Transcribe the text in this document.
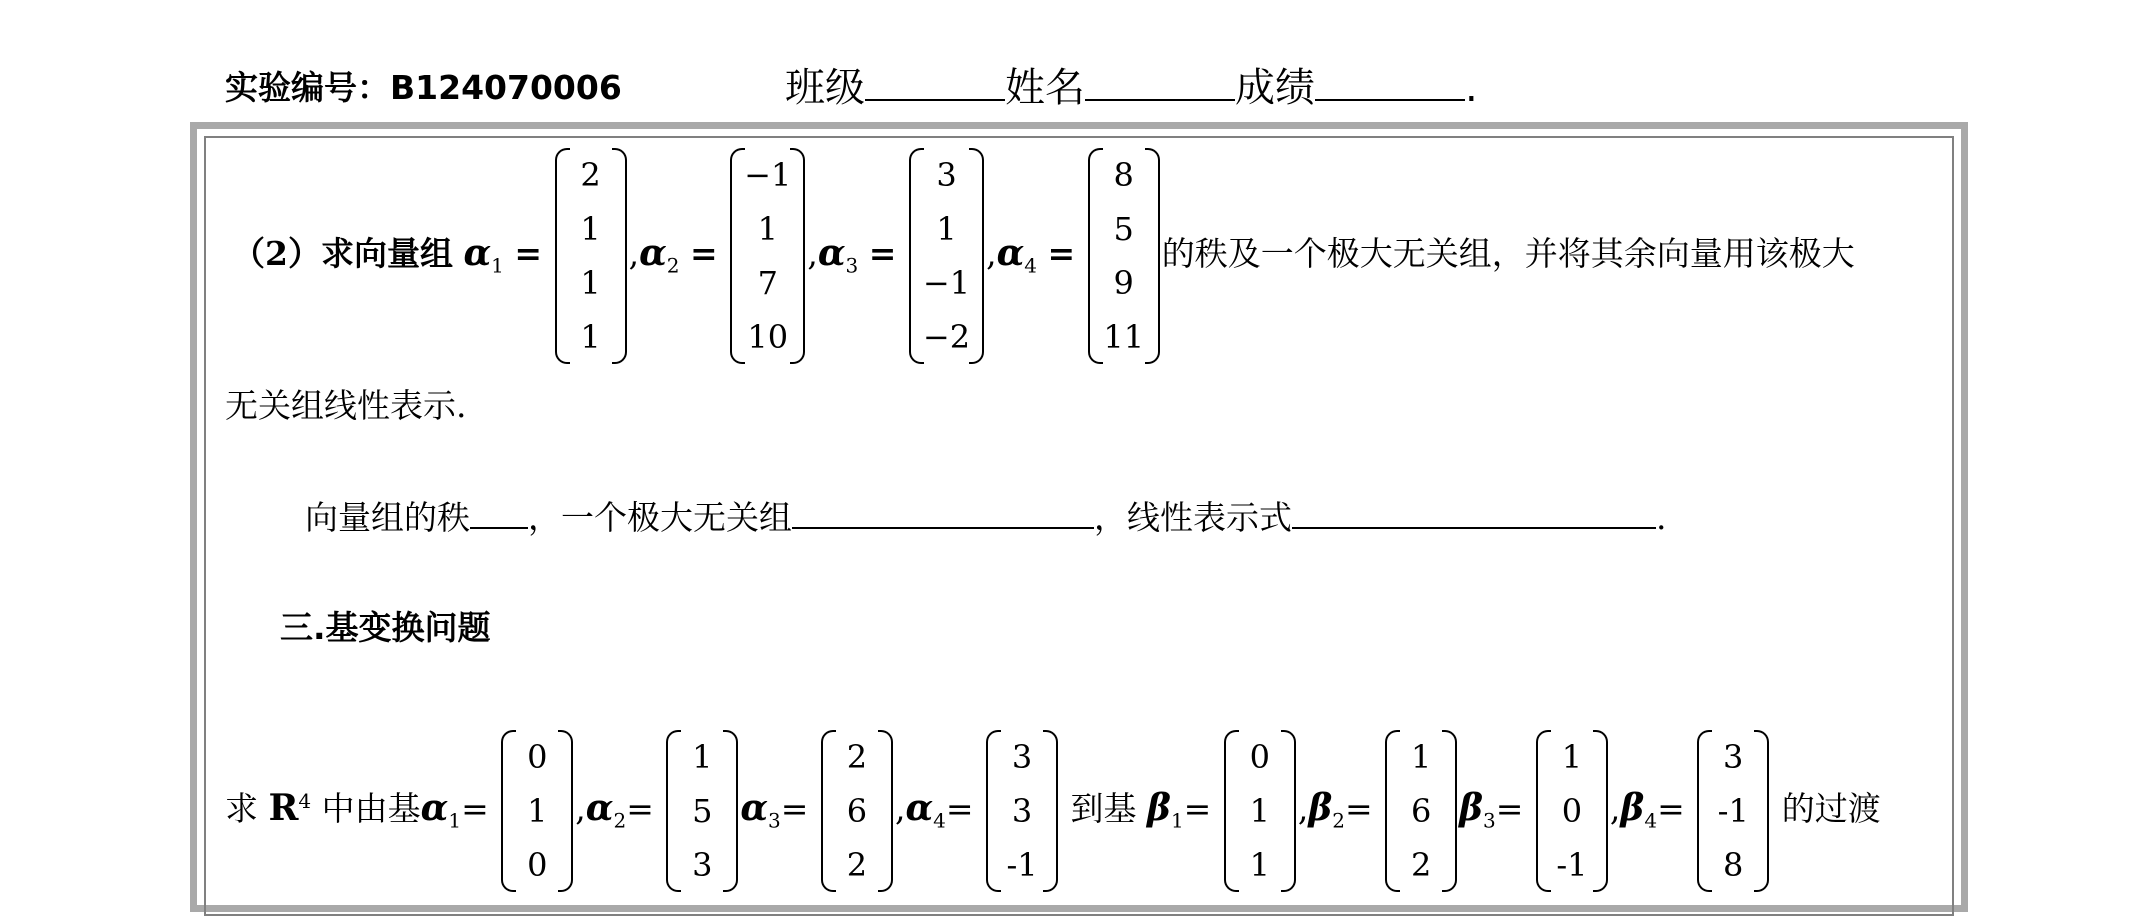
实验编号：B124070006	班级	姓名	成绩	.
（2）求向量组 $\alpha_1$ =
2
1
1
1
$,\alpha_2$ =
−1
1
7
10
$,\alpha_3$ =
3
1
−1
−2
$,\alpha_4$ =
8
5
9
11
的秩及一个极大无关组，并将其余向量用该极大
无关组线性表示.
向量组的秩 ，一个极大无关组	，线性表示式	.
三.基变换问题
求 $R^4$ 中由基$\alpha_1=$
0
1
0
$,\alpha_2=$
1
5
3
$\alpha_3=$
2
6
2
$,\alpha_4=$
3
3
-1
到基 $\beta_1=$
0
1
1
$,\beta_2=$
1
6
2
$\beta_3=$
1
0
-1
$,\beta_4=$
3
-1
8
的过渡
